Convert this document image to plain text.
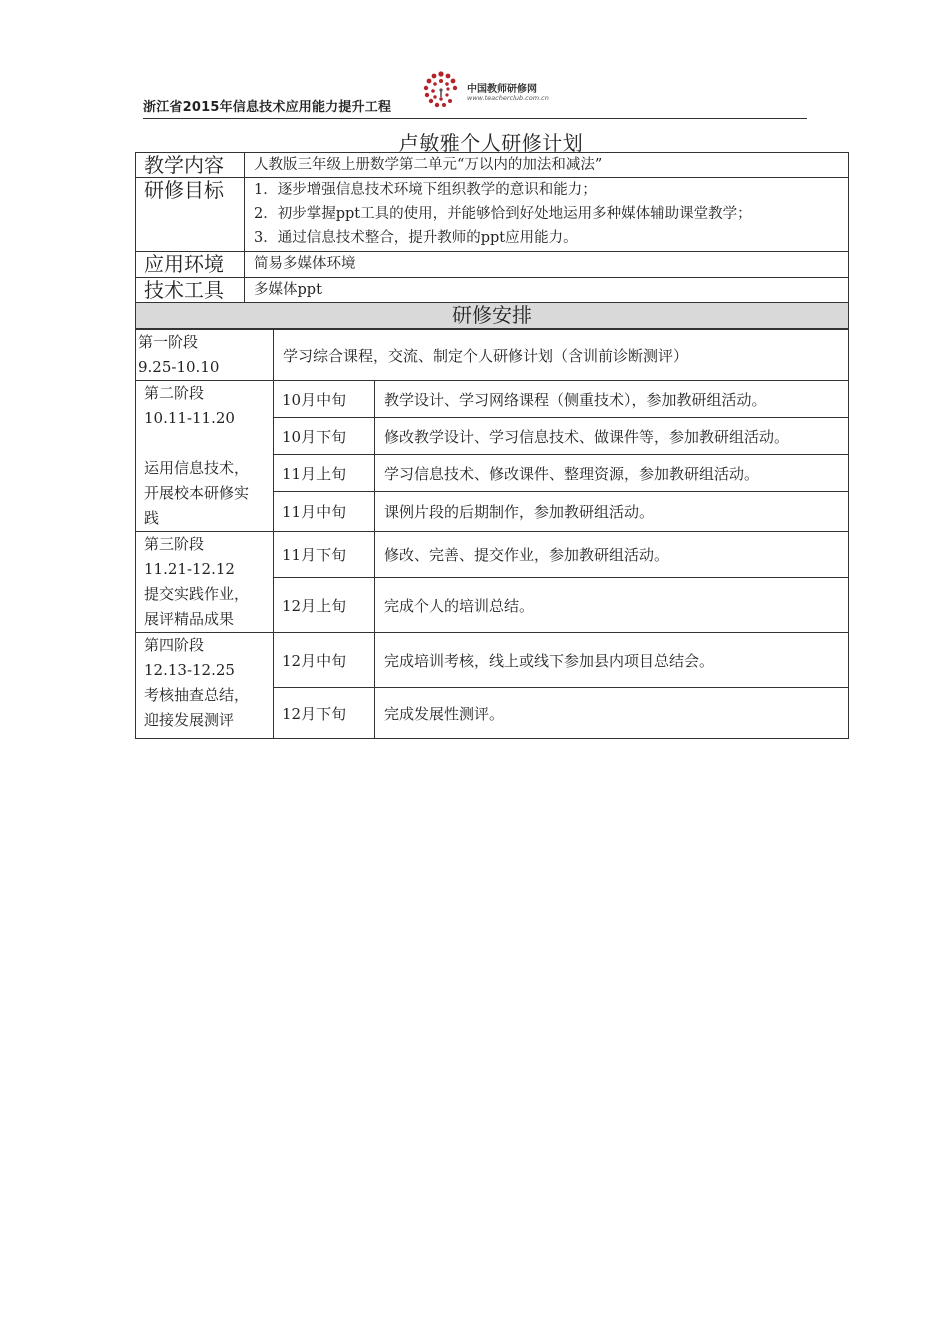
浙江省2015年信息技术应用能力提升工程
中国教师研修网
www.teacherclub.com.cn
卢敏雅个人研修计划
教学内容	人教版三年级上册数学第二单元“万以内的加法和减法”
研修目标	1．逐步增强信息技术环境下组织教学的意识和能力；
2．初步掌握ppt工具的使用，并能够恰到好处地运用多种媒体辅助课堂教学；
3．通过信息技术整合，提升教师的ppt应用能力。

应用环境	简易多媒体环境
技术工具	多媒体ppt
研修安排	
第一阶段
9.25-10.10	学习综合课程，交流、制定个人研修计划（含训前诊断测评）	

第二阶段
10.11-11.20

运用信息技术，
开展校本研修实
践	10月中旬	教学设计、学习网络课程（侧重技术），参加教研组活动。
	10月下旬	修改教学设计、学习信息技术、做课件等，参加教研组活动。
	11月上旬	学习信息技术、修改课件、整理资源，参加教研组活动。
	11月中旬	课例片段的后期制作，参加教研组活动。

第三阶段
11.21-12.12
提交实践作业，
展评精品成果	11月下旬	修改、完善、提交作业，参加教研组活动。
	12月上旬	完成个人的培训总结。

第四阶段
12.13-12.25
考核抽查总结，
迎接发展测评	12月中旬	完成培训考核，线上或线下参加县内项目总结会。
	12月下旬	完成发展性测评。
